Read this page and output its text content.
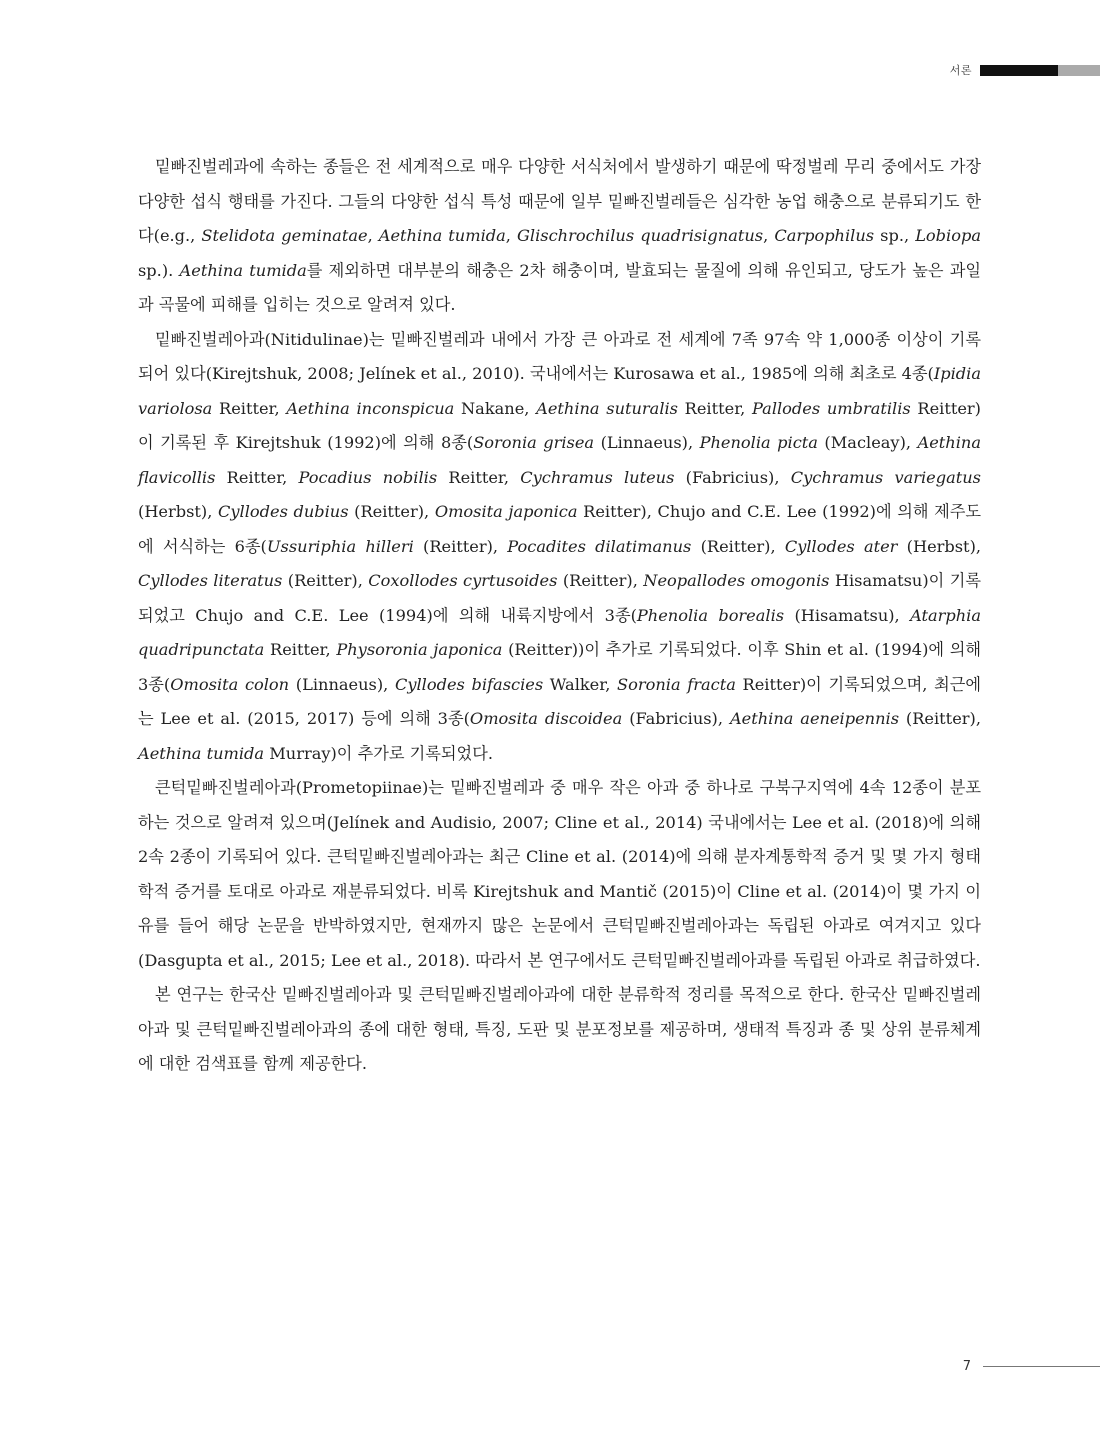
서론

밑빠진벌레과에 속하는 종들은 전 세계적으로 매우 다양한 서식처에서 발생하기 때문에 딱정벌레 무리 중에서도 가장 다양한 섭식 행태를 가진다. 그들의 다양한 섭식 특성 때문에 일부 밑빠진벌레들은 심각한 농업 해충으로 분류되기도 한다(e.g., Stelidota geminatae, Aethina tumida, Glischrochilus quadrisignatus, Carpophilus sp., Lobiopa sp.). Aethina tumida를 제외하면 대부분의 해충은 2차 해충이며, 발효되는 물질에 의해 유인되고, 당도가 높은 과일과 곡물에 피해를 입히는 것으로 알려져 있다.

밑빠진벌레아과(Nitidulinae)는 밑빠진벌레과 내에서 가장 큰 아과로 전 세계에 7족 97속 약 1,000종 이상이 기록되어 있다(Kirejtshuk, 2008; Jelínek et al., 2010). 국내에서는 Kurosawa et al., 1985에 의해 최초로 4종(Ipidia variolosa Reitter, Aethina inconspicua Nakane, Aethina suturalis Reitter, Pallodes umbratilis Reitter)이 기록된 후 Kirejtshuk (1992)에 의해 8종(Soronia grisea (Linnaeus), Phenolia picta (Macleay), Aethina flavicollis Reitter, Pocadius nobilis Reitter, Cychramus luteus (Fabricius), Cychramus variegatus (Herbst), Cyllodes dubius (Reitter), Omosita japonica Reitter), Chujo and C.E. Lee (1992)에 의해 제주도에 서식하는 6종(Ussuriphia hilleri (Reitter), Pocadites dilatimanus (Reitter), Cyllodes ater (Herbst), Cyllodes literatus (Reitter), Coxollodes cyrtusoides (Reitter), Neopallodes omogonis Hisamatsu)이 기록되었고 Chujo and C.E. Lee (1994)에 의해 내륙지방에서 3종(Phenolia borealis (Hisamatsu), Atarphia quadripunctata Reitter, Physoronia japonica (Reitter))이 추가로 기록되었다. 이후 Shin et al. (1994)에 의해 3종(Omosita colon (Linnaeus), Cyllodes bifascies Walker, Soronia fracta Reitter)이 기록되었으며, 최근에는 Lee et al. (2015, 2017) 등에 의해 3종(Omosita discoidea (Fabricius), Aethina aeneipennis (Reitter), Aethina tumida Murray)이 추가로 기록되었다.

큰턱밑빠진벌레아과(Prometopiinae)는 밑빠진벌레과 중 매우 작은 아과 중 하나로 구북구지역에 4속 12종이 분포하는 것으로 알려져 있으며(Jelínek and Audisio, 2007; Cline et al., 2014) 국내에서는 Lee et al. (2018)에 의해 2속 2종이 기록되어 있다. 큰턱밑빠진벌레아과는 최근 Cline et al. (2014)에 의해 분자계통학적 증거 및 몇 가지 형태학적 증거를 토대로 아과로 재분류되었다. 비록 Kirejtshuk and Mantič (2015)이 Cline et al. (2014)이 몇 가지 이유를 들어 해당 논문을 반박하였지만, 현재까지 많은 논문에서 큰턱밑빠진벌레아과는 독립된 아과로 여겨지고 있다(Dasgupta et al., 2015; Lee et al., 2018). 따라서 본 연구에서도 큰턱밑빠진벌레아과를 독립된 아과로 취급하였다.

본 연구는 한국산 밑빠진벌레아과 및 큰턱밑빠진벌레아과에 대한 분류학적 정리를 목적으로 한다. 한국산 밑빠진벌레아과 및 큰턱밑빠진벌레아과의 종에 대한 형태, 특징, 도판 및 분포정보를 제공하며, 생태적 특징과 종 및 상위 분류체계에 대한 검색표를 함께 제공한다.

7
